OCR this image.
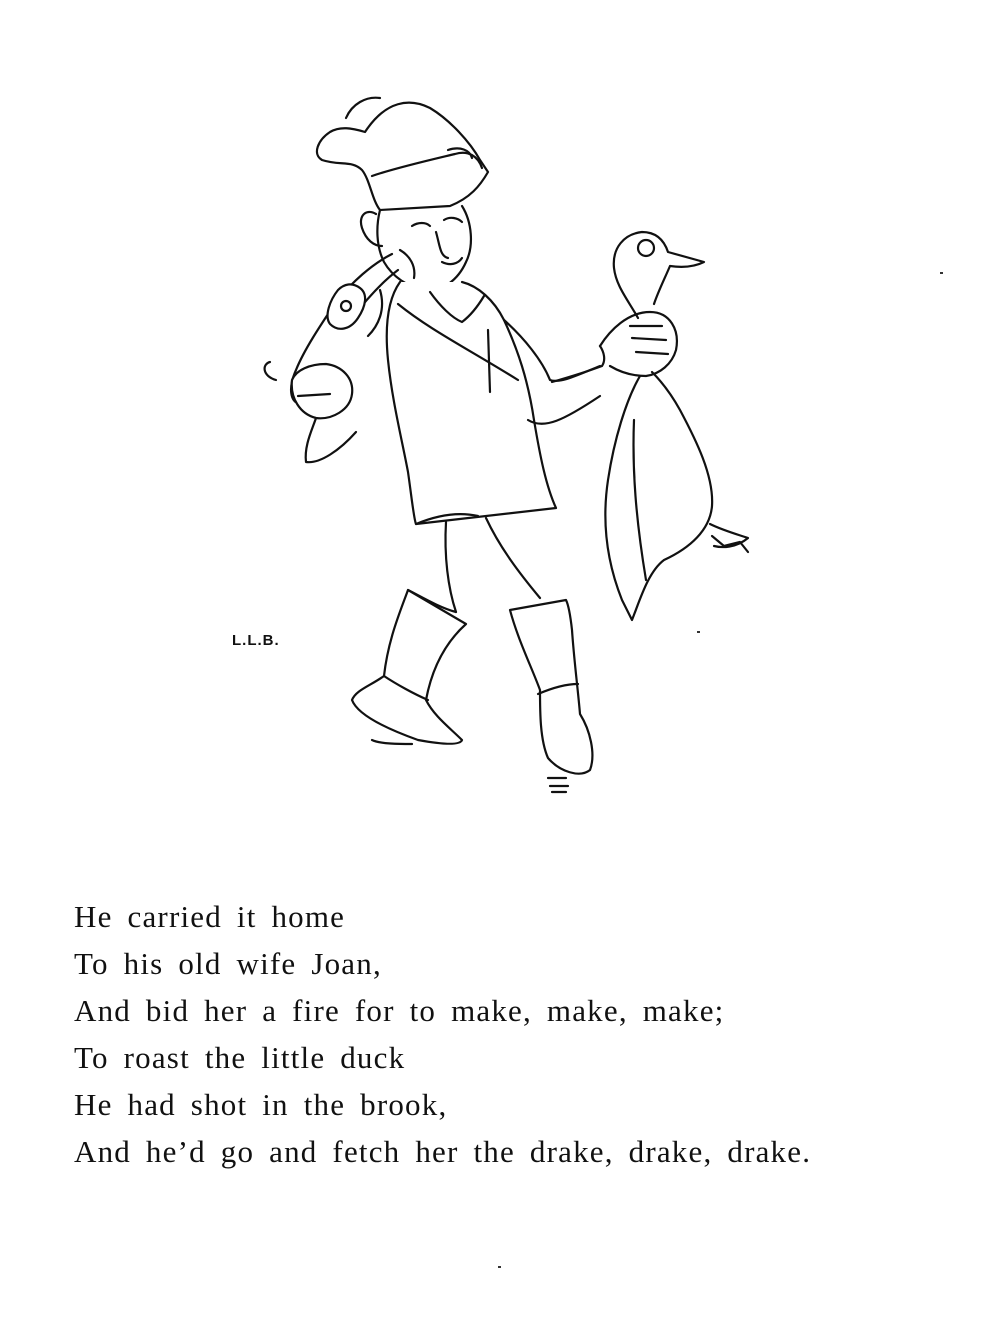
L.L.B.
He carried it home
To his old wife Joan,
And bid her a fire for to make, make, make;
To roast the little duck
He had shot in the brook,
And he’d go and fetch her the drake, drake, drake.
